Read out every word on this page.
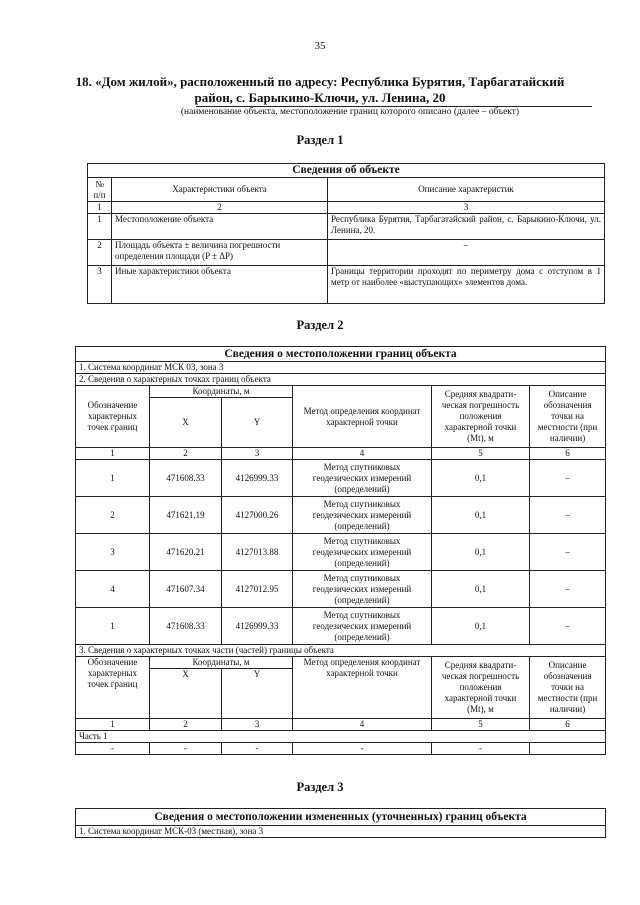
35
18. «Дом жилой», расположенный по адресу: Республика Бурятия, Тарбагатайский
район, с. Барыкино-Ключи, ул. Ленина, 20
(наименование объекта, местоположение границ которого описано (далее – объект)
Раздел 1
Сведения об объекте		
№ п/п	Характеристики объекта	Описание характеристик
1	2	3
1	Местоположение объекта	Республика Бурятия, Тарбагатайский район, с. Барыкино-Ключи, ул. Ленина, 20.
2	Площадь объекта ± величина погрешности определения площади (P ± ΔP)	–
3	Иные характеристики объекта	Границы территории проходят по периметру дома с отступом в 1 метр от наиболее «выступающих» элементов дома.
Раздел 2
Сведения о местоположении границ объекта					
1. Система координат МСК 03, зона 3					
2. Сведения о характерных точках границ объекта					
Обозначение характерных точек границ	Координаты, м		Метод определения координат характерной точки	Средняя квадрати-ческая погрешность положения характерной точки (Mt), м	Описание обозначения точки на местности (при наличии)
	X	Y			
1	2	3	4	5	6
1	471608.33	4126999.33	Метод спутниковых геодезических измерений (определений)	0,1	–
2	471621.19	4127000.26	Метод спутниковых геодезических измерений (определений)	0,1	–
3	471620.21	4127013.88	Метод спутниковых геодезических измерений (определений)	0,1	–
4	471607.34	4127012.95	Метод спутниковых геодезических измерений (определений)	0,1	–
1	471608.33	4126999.33	Метод спутниковых геодезических измерений (определений)	0,1	–
3. Сведения о характерных точках части (частей) границы объекта					
Обозначение характерных точек границ	Координаты, м		Метод определения координат характерной точки	Средняя квадрати-ческая погрешность положения характерной точки (Mt), м	Описание обозначения точки на местности (при наличии)
	X	Y			
1	2	3	4	5	6
Часть 1					
-	-	-	-	-	
Раздел 3
Сведения о местоположении измененных (уточненных) границ объекта
1. Система координат МСК-03 (местная), зона 3
